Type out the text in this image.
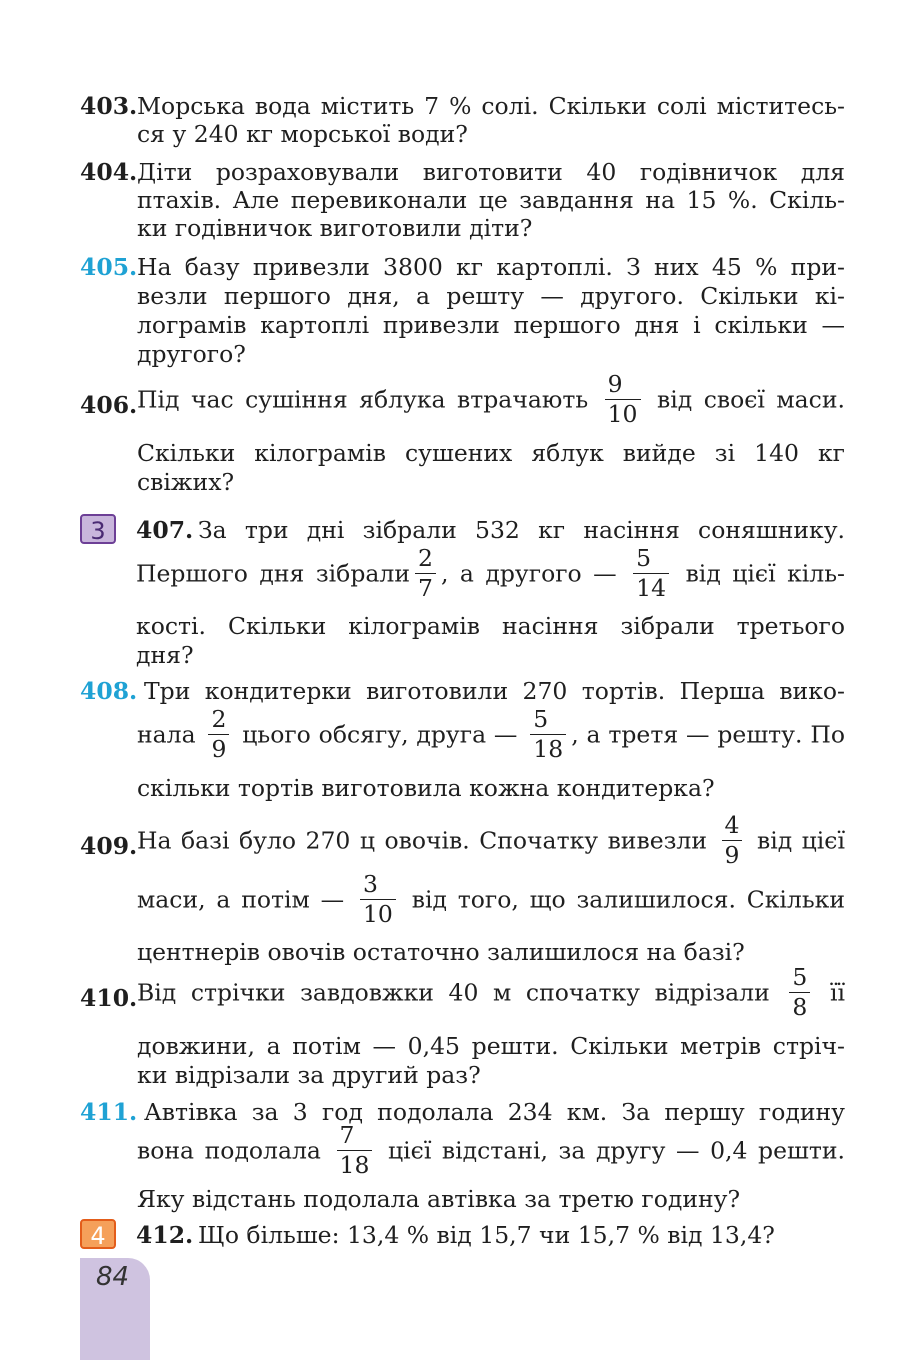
403. Морська вода містить 7 % солі. Скільки солі міститесь-
ся у 240 кг морської води?
404. Діти розраховували виготовити 40 годівничок для
птахів. Але перевиконали це завдання на 15 %. Скіль-
ки годівничок виготовили діти?
405. На базу привезли 3800 кг картоплі. З них 45 % при-
везли першого дня, а решту — другого. Скільки кі-
лограмів картоплі привезли першого дня і скільки —
другого?
406. Під час сушіння яблука втрачають $\frac{9}{10}$ від своєї маси.
Скільки кілограмів сушених яблук вийде зі 140 кг
свіжих?
3	407. За три дні зібрали 532 кг насіння соняшнику.
Першого дня зібрали $\frac{2}{7}$ , а другого — $\frac{5}{14}$ від цієї кіль-
кості. Скільки кілограмів насіння зібрали третього
дня?
408. Три кондитерки виготовили 270 тортів. Перша вико-
нала $\frac{2}{9}$ цього обсягу, друга — $\frac{5}{18}$ , а третя — решту. По
скільки тортів виготовила кожна кондитерка?
409. На базі було 270 ц овочів. Спочатку вивезли $\frac{4}{9}$ від цієї
маси, а потім — $\frac{3}{10}$ від того, що залишилося. Скільки
центнерів овочів остаточно залишилося на базі?
410. Від стрічки завдовжки 40 м спочатку відрізали $\frac{5}{8}$ її
довжини, а потім — 0,45 решти. Скільки метрів стріч-
ки відрізали за другий раз?
411. Автівка за 3 год подолала 234 км. За першу годину
вона подолала $\frac{7}{18}$ цієї відстані, за другу — 0,4 решти.
Яку відстань подолала автівка за третю годину?
4	412. Що більше: 13,4 % від 15,7 чи 15,7 % від 13,4?
84
